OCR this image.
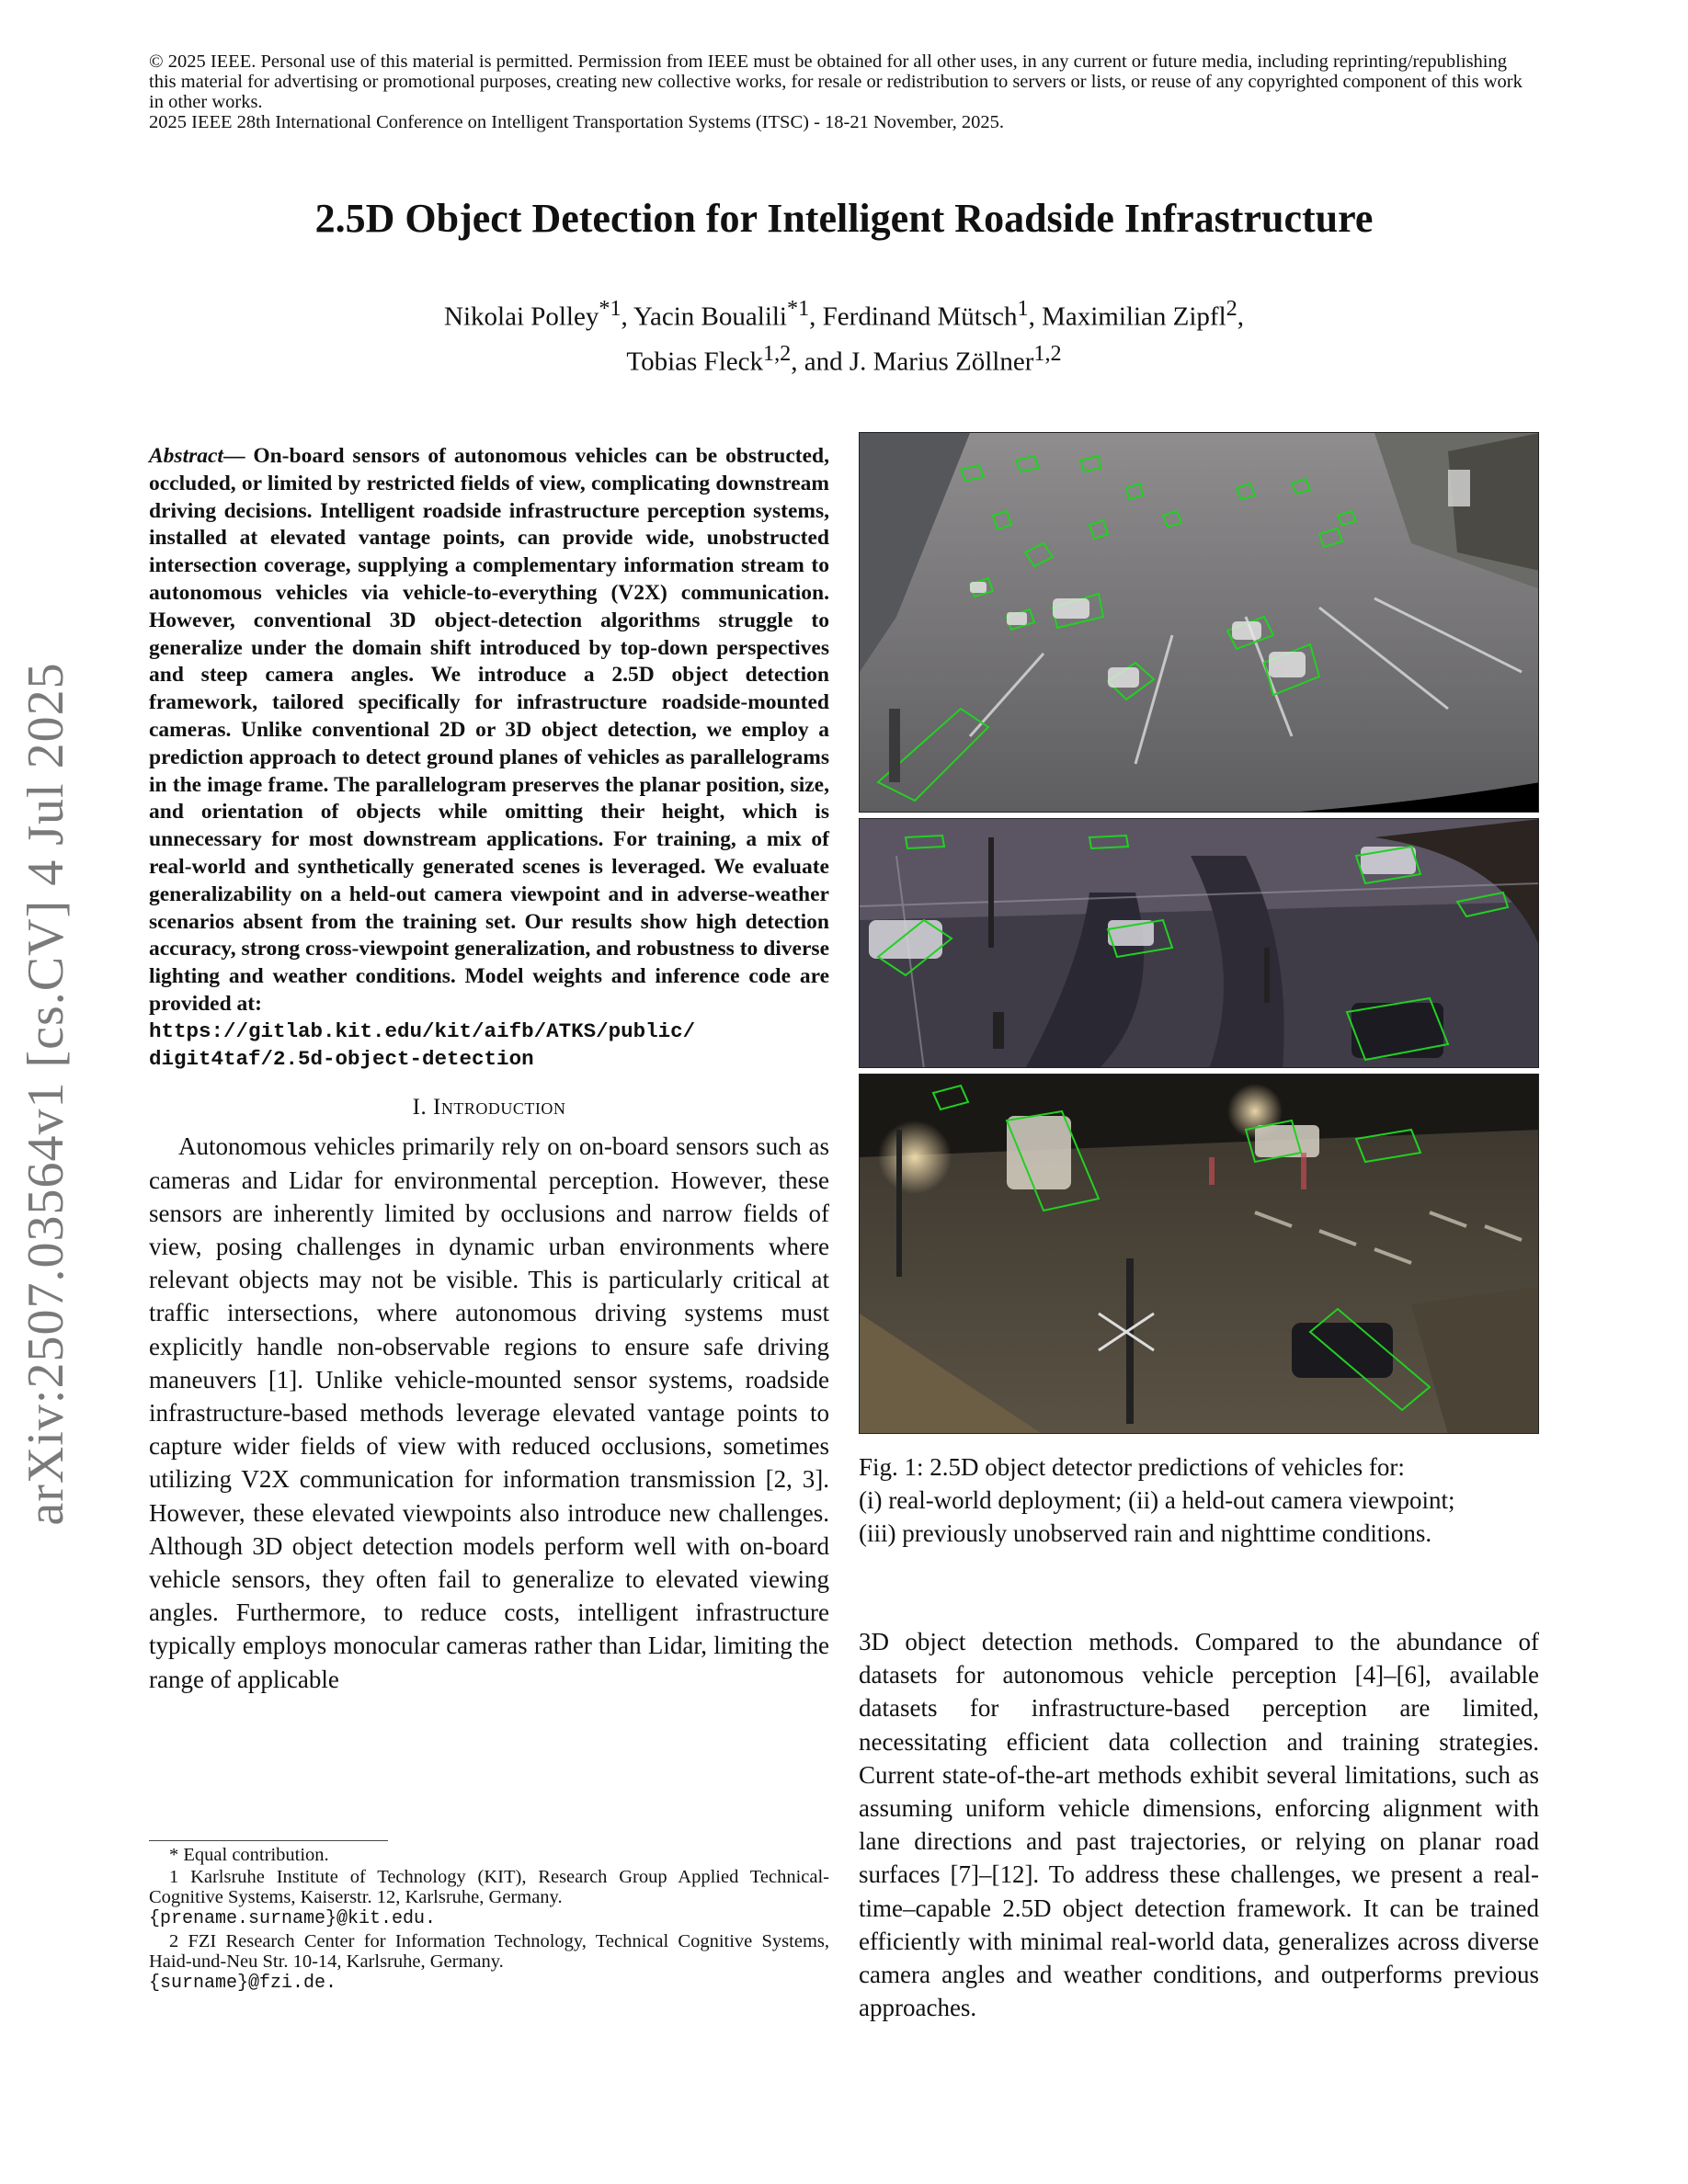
© 2025 IEEE. Personal use of this material is permitted. Permission from IEEE must be obtained for all other uses, in any current or future media, including reprinting/republishing this material for advertising or promotional purposes, creating new collective works, for resale or redistribution to servers or lists, or reuse of any copyrighted component of this work in other works.

2025 IEEE 28th International Conference on Intelligent Transportation Systems (ITSC) - 18-21 November, 2025.

2.5D Object Detection for Intelligent Roadside Infrastructure

Nikolai Polley$^{*1}$, Yacin Boualili$^{*1}$, Ferdinand Mütsch$^1$, Maximilian Zipfl$^2$,

Tobias Fleck$^{1,2}$, and J. Marius Zöllner$^{1,2}$

arXiv:2507.03564v1 [cs.CV] 4 Jul 2025

Abstract— On-board sensors of autonomous vehicles can be obstructed, occluded, or limited by restricted fields of view, complicating downstream driving decisions. Intelligent roadside infrastructure perception systems, installed at elevated vantage points, can provide wide, unobstructed intersection coverage, supplying a complementary information stream to autonomous vehicles via vehicle-to-everything (V2X) communication. However, conventional 3D object-detection algorithms struggle to generalize under the domain shift introduced by top-down perspectives and steep camera angles. We introduce a 2.5D object detection framework, tailored specifically for infrastructure roadside-mounted cameras. Unlike conventional 2D or 3D object detection, we employ a prediction approach to detect ground planes of vehicles as parallelograms in the image frame. The parallelogram preserves the planar position, size, and orientation of objects while omitting their height, which is unnecessary for most downstream applications. For training, a mix of real-world and synthetically generated scenes is leveraged. We evaluate generalizability on a held-out camera viewpoint and in adverse-weather scenarios absent from the training set. Our results show high detection accuracy, strong cross-viewpoint generalization, and robustness to diverse lighting and weather conditions. Model weights and inference code are provided at:
https://gitlab.kit.edu/kit/aifb/ATKS/public/
digit4taf/2.5d-object-detection

I. Introduction

Autonomous vehicles primarily rely on on-board sensors such as cameras and Lidar for environmental perception. However, these sensors are inherently limited by occlusions and narrow fields of view, posing challenges in dynamic urban environments where relevant objects may not be visible. This is particularly critical at traffic intersections, where autonomous driving systems must explicitly handle non-observable regions to ensure safe driving maneuvers [1]. Unlike vehicle-mounted sensor systems, roadside infrastructure-based methods leverage elevated vantage points to capture wider fields of view with reduced occlusions, sometimes utilizing V2X communication for information transmission [2, 3]. However, these elevated viewpoints also introduce new challenges. Although 3D object detection models perform well with on-board vehicle sensors, they often fail to generalize to elevated viewing angles. Furthermore, to reduce costs, intelligent infrastructure typically employs monocular cameras rather than Lidar, limiting the range of applicable

* Equal contribution.

1 Karlsruhe Institute of Technology (KIT), Research Group Applied Technical-Cognitive Systems, Kaiserstr. 12, Karlsruhe, Germany.
{prename.surname}@kit.edu.

2 FZI Research Center for Information Technology, Technical Cognitive Systems, Haid-und-Neu Str. 10-14, Karlsruhe, Germany.
{surname}@fzi.de.

Fig. 1: 2.5D object detector predictions of vehicles for:
(i) real-world deployment; (ii) a held-out camera viewpoint;
(iii) previously unobserved rain and nighttime conditions.

3D object detection methods. Compared to the abundance of datasets for autonomous vehicle perception [4]–[6], available datasets for infrastructure-based perception are limited, necessitating efficient data collection and training strategies. Current state-of-the-art methods exhibit several limitations, such as assuming uniform vehicle dimensions, enforcing alignment with lane directions and past trajectories, or relying on planar road surfaces [7]–[12]. To address these challenges, we present a real-time–capable 2.5D object detection framework. It can be trained efficiently with minimal real-world data, generalizes across diverse camera angles and weather conditions, and outperforms previous approaches.
